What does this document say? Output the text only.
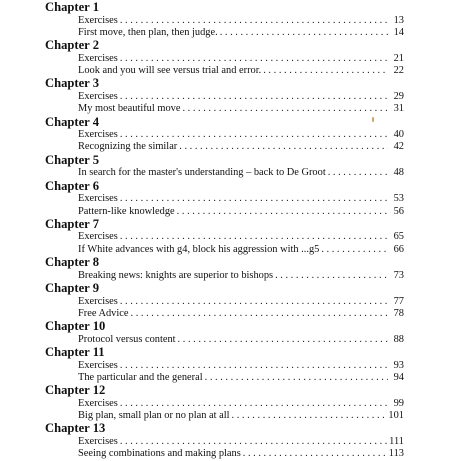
Chapter 1
Exercises . . .	13
First move, then plan, then judge. . . .	14
Chapter 2
Exercises . . .	21
Look and you will see versus trial and error. . . .	22
Chapter 3
Exercises . . .	29
My most beautiful move . . .	31
Chapter 4
Exercises . . .	40
Recognizing the similar . . .	42
Chapter 5
In search for the master's understanding – back to De Groot . . .	48
Chapter 6
Exercises . . .	53
Pattern-like knowledge . . .	56
Chapter 7
Exercises . . .	65
If White advances with g4, block his aggression with ...g5 . . .	66
Chapter 8
Breaking news: knights are superior to bishops . . .	73
Chapter 9
Exercises . . .	77
Free Advice . . .	78
Chapter 10
Protocol versus content . . .	88
Chapter 11
Exercises . . .	93
The particular and the general . . .	94
Chapter 12
Exercises . . .	99
Big plan, small plan or no plan at all . . .	101
Chapter 13
Exercises . . .	111
Seeing combinations and making plans . . .	113
